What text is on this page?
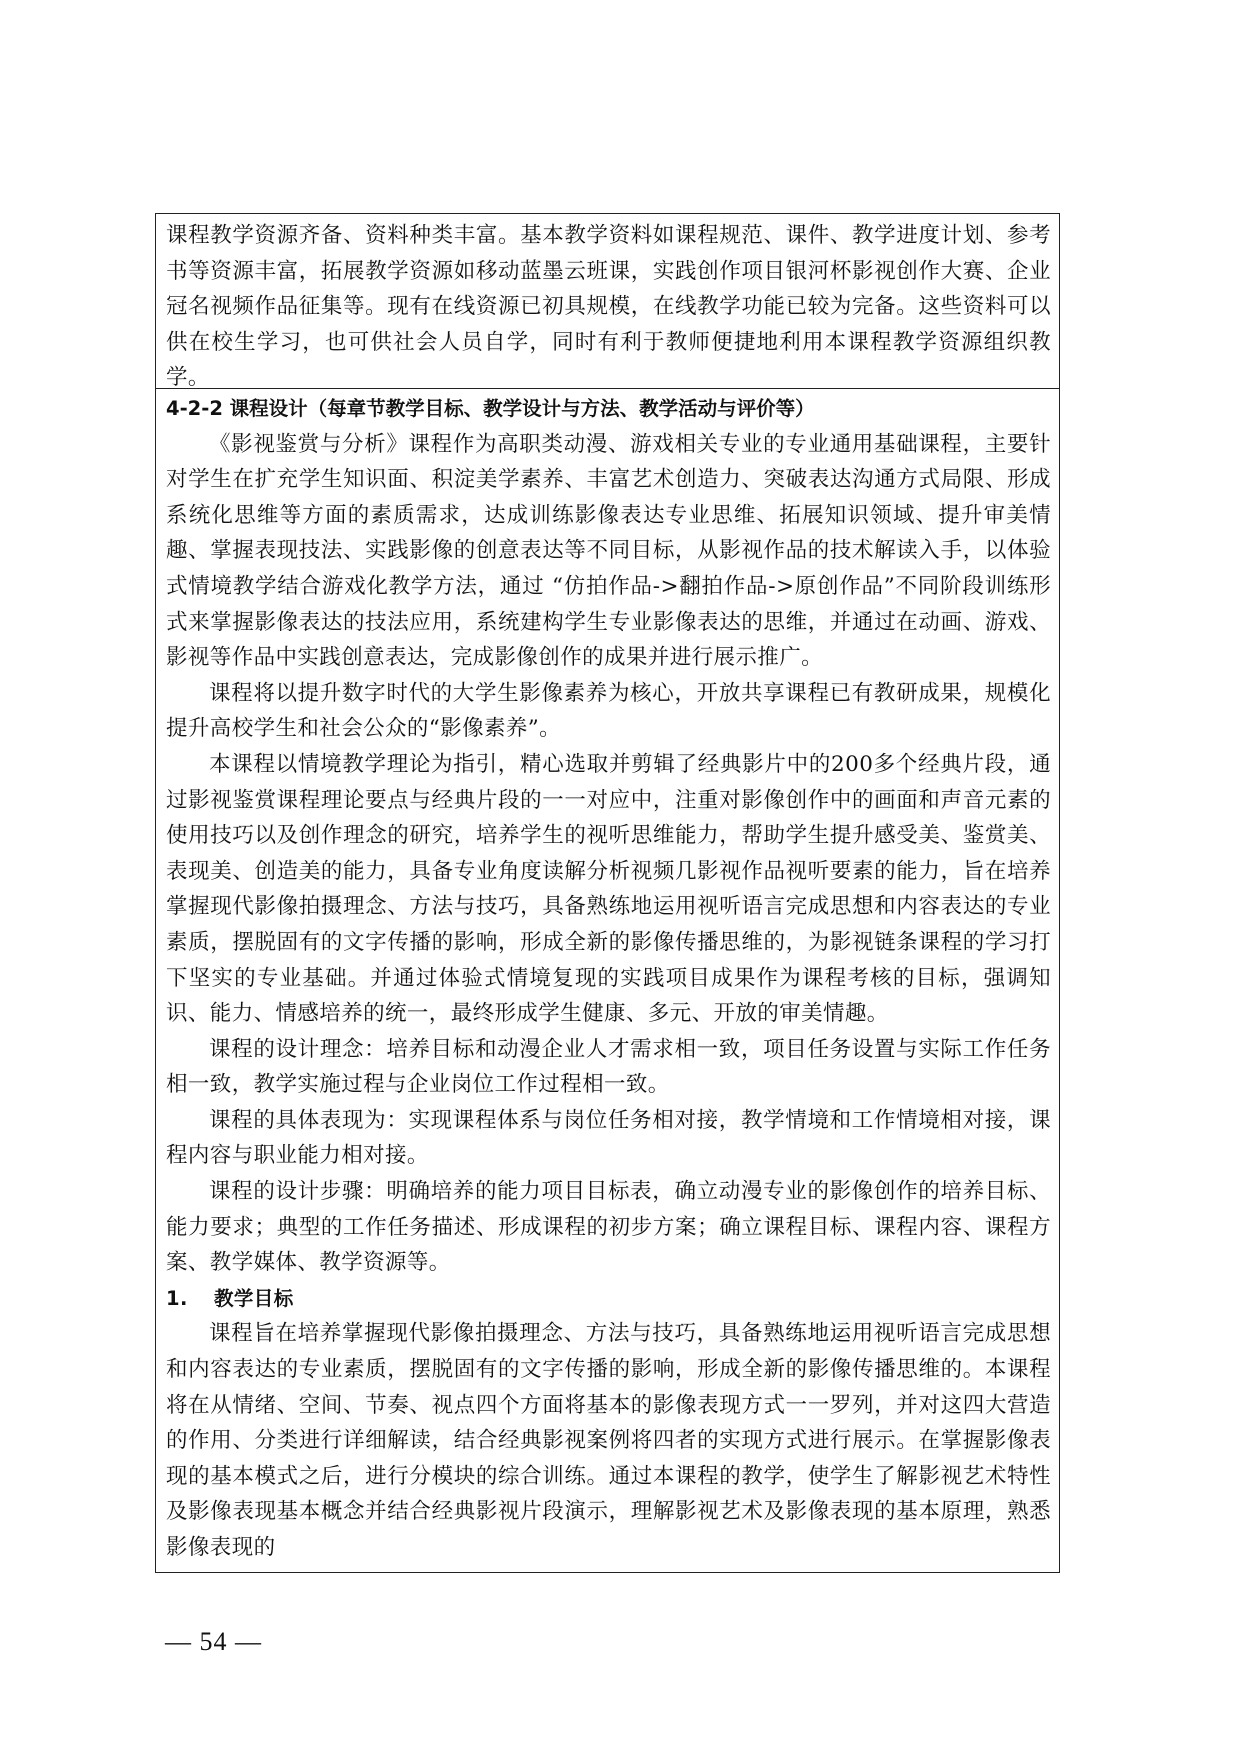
课程教学资源齐备、资料种类丰富。基本教学资料如课程规范、课件、教学进度计划、参考书等资源丰富，拓展教学资源如移动蓝墨云班课，实践创作项目银河杯影视创作大赛、企业冠名视频作品征集等。现有在线资源已初具规模，在线教学功能已较为完备。这些资料可以供在校生学习，也可供社会人员自学，同时有利于教师便捷地利用本课程教学资源组织教学。

4-2-2 课程设计（每章节教学目标、教学设计与方法、教学活动与评价等）

《影视鉴赏与分析》课程作为高职类动漫、游戏相关专业的专业通用基础课程，主要针对学生在扩充学生知识面、积淀美学素养、丰富艺术创造力、突破表达沟通方式局限、形成系统化思维等方面的素质需求，达成训练影像表达专业思维、拓展知识领域、提升审美情趣、掌握表现技法、实践影像的创意表达等不同目标，从影视作品的技术解读入手，以体验式情境教学结合游戏化教学方法，通过 “仿拍作品->翻拍作品->原创作品”不同阶段训练形式来掌握影像表达的技法应用，系统建构学生专业影像表达的思维，并通过在动画、游戏、影视等作品中实践创意表达，完成影像创作的成果并进行展示推广。

课程将以提升数字时代的大学生影像素养为核心，开放共享课程已有教研成果，规模化提升高校学生和社会公众的“影像素养”。

本课程以情境教学理论为指引，精心选取并剪辑了经典影片中的200多个经典片段，通过影视鉴赏课程理论要点与经典片段的一一对应中，注重对影像创作中的画面和声音元素的使用技巧以及创作理念的研究，培养学生的视听思维能力，帮助学生提升感受美、鉴赏美、表现美、创造美的能力，具备专业角度读解分析视频几影视作品视听要素的能力，旨在培养掌握现代影像拍摄理念、方法与技巧，具备熟练地运用视听语言完成思想和内容表达的专业素质，摆脱固有的文字传播的影响，形成全新的影像传播思维的，为影视链条课程的学习打下坚实的专业基础。并通过体验式情境复现的实践项目成果作为课程考核的目标，强调知识、能力、情感培养的统一，最终形成学生健康、多元、开放的审美情趣。

课程的设计理念：培养目标和动漫企业人才需求相一致，项目任务设置与实际工作任务相一致，教学实施过程与企业岗位工作过程相一致。

课程的具体表现为：实现课程体系与岗位任务相对接，教学情境和工作情境相对接，课程内容与职业能力相对接。

课程的设计步骤：明确培养的能力项目目标表，确立动漫专业的影像创作的培养目标、能力要求；典型的工作任务描述、形成课程的初步方案；确立课程目标、课程内容、课程方案、教学媒体、教学资源等。

1. 教学目标

课程旨在培养掌握现代影像拍摄理念、方法与技巧，具备熟练地运用视听语言完成思想和内容表达的专业素质，摆脱固有的文字传播的影响，形成全新的影像传播思维的。本课程将在从情绪、空间、节奏、视点四个方面将基本的影像表现方式一一罗列，并对这四大营造的作用、分类进行详细解读，结合经典影视案例将四者的实现方式进行展示。在掌握影像表现的基本模式之后，进行分模块的综合训练。通过本课程的教学，使学生了解影视艺术特性及影像表现基本概念并结合经典影视片段演示，理解影视艺术及影像表现的基本原理，熟悉影像表现的

— 54 —
